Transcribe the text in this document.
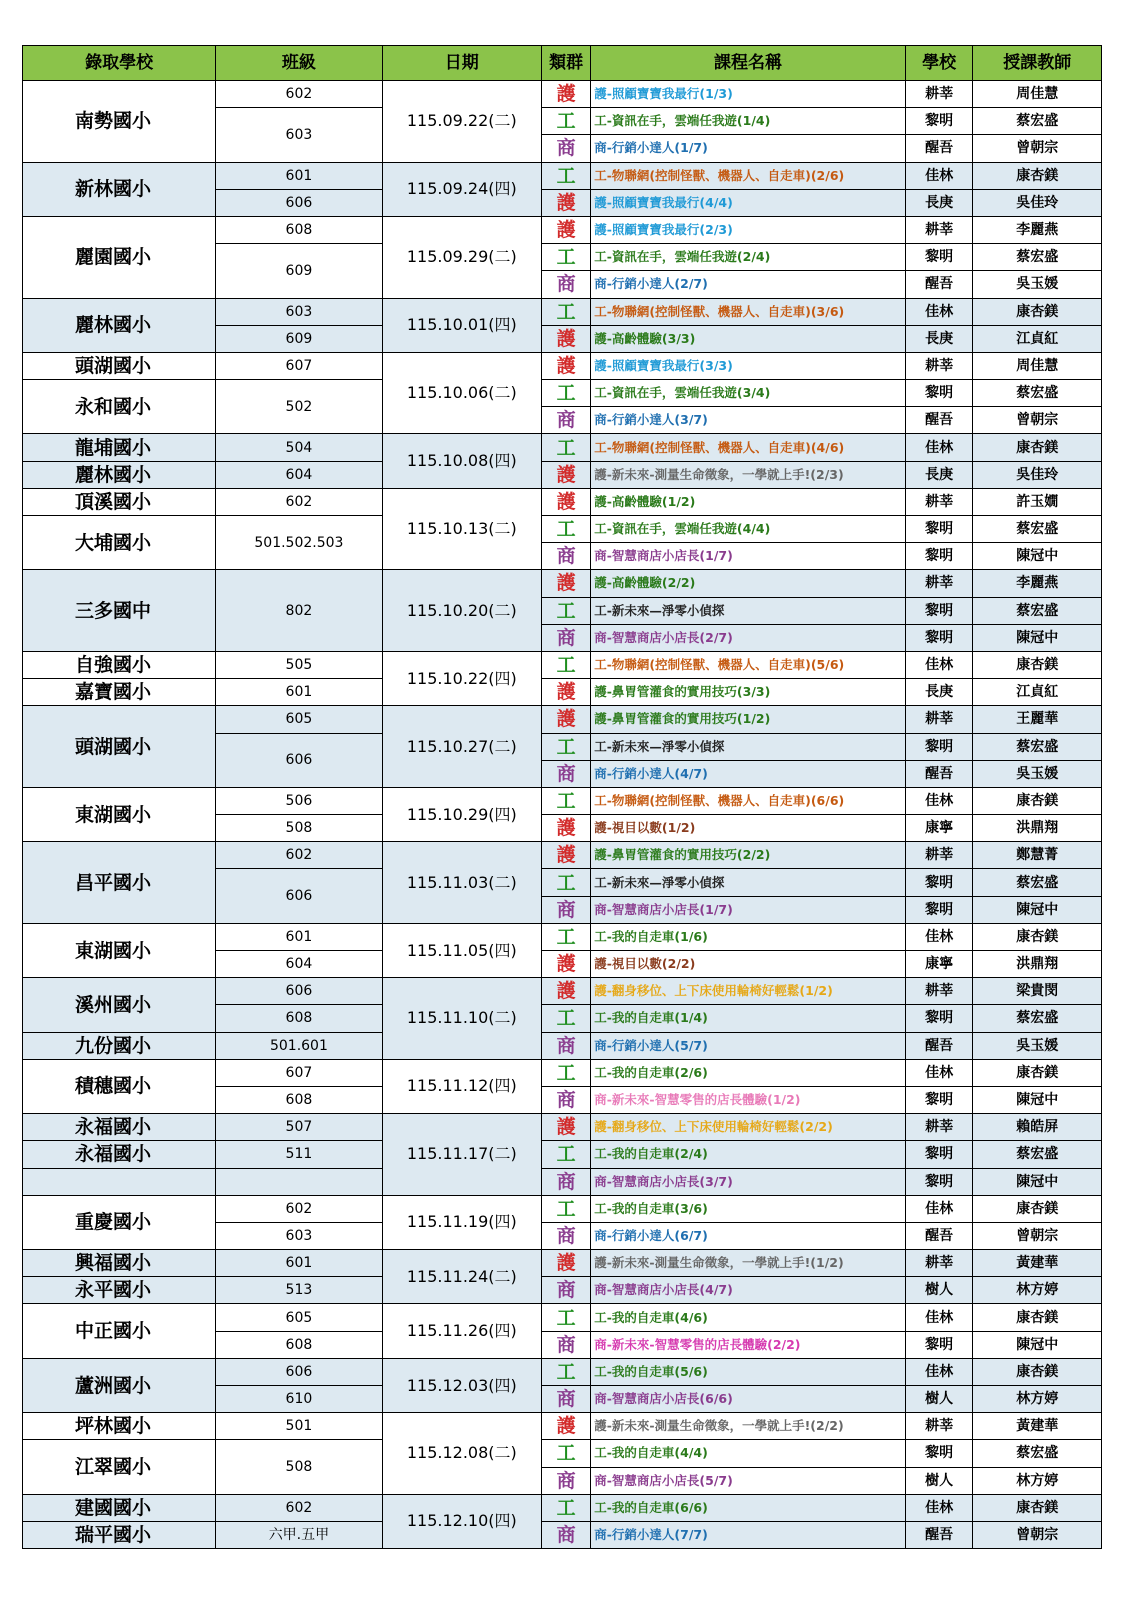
錄取學校	班級	日期	類群	課程名稱	學校	授課教師
南勢國小	602	115.09.22(二)	護	護-照顧寶寶我最行(1/3)	耕莘	周佳慧
	603		工	工-資訊在手，雲端任我遊(1/4)	黎明	蔡宏盛
			商	商-行銷小達人(1/7)	醒吾	曾朝宗
新林國小	601	115.09.24(四)	工	工-物聯網(控制怪獸、機器人、自走車)(2/6)	佳林	康杏鎂
	606		護	護-照顧寶寶我最行(4/4)	長庚	吳佳玲
麗園國小	608	115.09.29(二)	護	護-照顧寶寶我最行(2/3)	耕莘	李麗燕
	609		工	工-資訊在手，雲端任我遊(2/4)	黎明	蔡宏盛
			商	商-行銷小達人(2/7)	醒吾	吳玉媛
麗林國小	603	115.10.01(四)	工	工-物聯網(控制怪獸、機器人、自走車)(3/6)	佳林	康杏鎂
	609		護	護-高齡體驗(3/3)	長庚	江貞紅
頭湖國小	607	115.10.06(二)	護	護-照顧寶寶我最行(3/3)	耕莘	周佳慧
永和國小	502		工	工-資訊在手，雲端任我遊(3/4)	黎明	蔡宏盛
			商	商-行銷小達人(3/7)	醒吾	曾朝宗
龍埔國小	504	115.10.08(四)	工	工-物聯網(控制怪獸、機器人、自走車)(4/6)	佳林	康杏鎂
麗林國小	604		護	護-新未來-測量生命徵象，一學就上手!(2/3)	長庚	吳佳玲
頂溪國小	602	115.10.13(二)	護	護-高齡體驗(1/2)	耕莘	許玉嫺
大埔國小	501.502.503		工	工-資訊在手，雲端任我遊(4/4)	黎明	蔡宏盛
			商	商-智慧商店小店長(1/7)	黎明	陳冠中
三多國中	802	115.10.20(二)	護	護-高齡體驗(2/2)	耕莘	李麗燕
			工	工-新未來—淨零小偵探	黎明	蔡宏盛
			商	商-智慧商店小店長(2/7)	黎明	陳冠中
自強國小	505	115.10.22(四)	工	工-物聯網(控制怪獸、機器人、自走車)(5/6)	佳林	康杏鎂
嘉寶國小	601		護	護-鼻胃管灌食的實用技巧(3/3)	長庚	江貞紅
頭湖國小	605	115.10.27(二)	護	護-鼻胃管灌食的實用技巧(1/2)	耕莘	王麗華
	606		工	工-新未來—淨零小偵探	黎明	蔡宏盛
			商	商-行銷小達人(4/7)	醒吾	吳玉媛
東湖國小	506	115.10.29(四)	工	工-物聯網(控制怪獸、機器人、自走車)(6/6)	佳林	康杏鎂
	508		護	護-視目以數(1/2)	康寧	洪鼎翔
昌平國小	602	115.11.03(二)	護	護-鼻胃管灌食的實用技巧(2/2)	耕莘	鄭慧菁
	606		工	工-新未來—淨零小偵探	黎明	蔡宏盛
			商	商-智慧商店小店長(1/7)	黎明	陳冠中
東湖國小	601	115.11.05(四)	工	工-我的自走車(1/6)	佳林	康杏鎂
	604		護	護-視目以數(2/2)	康寧	洪鼎翔
溪州國小	606	115.11.10(二)	護	護-翻身移位、上下床使用輪椅好輕鬆(1/2)	耕莘	梁貴閔
	608		工	工-我的自走車(1/4)	黎明	蔡宏盛
九份國小	501.601		商	商-行銷小達人(5/7)	醒吾	吳玉媛
積穗國小	607	115.11.12(四)	工	工-我的自走車(2/6)	佳林	康杏鎂
	608		商	商-新未來-智慧零售的店長體驗(1/2)	黎明	陳冠中
永福國小	507	115.11.17(二)	護	護-翻身移位、上下床使用輪椅好輕鬆(2/2)	耕莘	賴皓屏
永福國小	511		工	工-我的自走車(2/4)	黎明	蔡宏盛
			商	商-智慧商店小店長(3/7)	黎明	陳冠中
重慶國小	602	115.11.19(四)	工	工-我的自走車(3/6)	佳林	康杏鎂
	603		商	商-行銷小達人(6/7)	醒吾	曾朝宗
興福國小	601	115.11.24(二)	護	護-新未來-測量生命徵象，一學就上手!(1/2)	耕莘	黃建華
永平國小	513		商	商-智慧商店小店長(4/7)	樹人	林方婷
中正國小	605	115.11.26(四)	工	工-我的自走車(4/6)	佳林	康杏鎂
	608		商	商-新未來-智慧零售的店長體驗(2/2)	黎明	陳冠中
蘆洲國小	606	115.12.03(四)	工	工-我的自走車(5/6)	佳林	康杏鎂
	610		商	商-智慧商店小店長(6/6)	樹人	林方婷
坪林國小	501	115.12.08(二)	護	護-新未來-測量生命徵象，一學就上手!(2/2)	耕莘	黃建華
江翠國小	508		工	工-我的自走車(4/4)	黎明	蔡宏盛
			商	商-智慧商店小店長(5/7)	樹人	林方婷
建國國小	602	115.12.10(四)	工	工-我的自走車(6/6)	佳林	康杏鎂
瑞平國小	六甲.五甲		商	商-行銷小達人(7/7)	醒吾	曾朝宗
